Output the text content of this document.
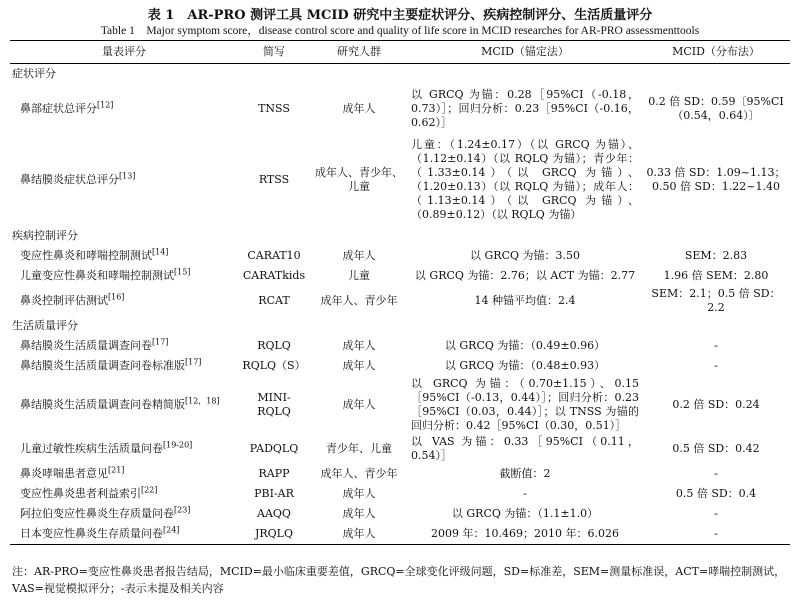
表 1　AR-PRO 测评工具 MCID 研究中主要症状评分、疾病控制评分、生活质量评分
Table 1　Major symptom score，disease control score and quality of life score in MCID researches for AR-PRO assessmenttools
量表评分	简写	研究人群	MCID（锚定法）	MCID（分布法）
症状评分				
鼻部症状总评分[12]	TNSS	成年人	以 GRCQ 为锚：0.28［95%CI（-0.18，0.73）］；回归分析：0.23［95%CI（-0.16，0.62）］	0.2 倍 SD：0.59〔95%CI（0.54，0.64）〕
鼻结膜炎症状总评分[13]	RTSS	成年人、青少年、儿童	儿童：（1.24±0.17）（以 GRCQ 为锚）、（1.12±0.14）（以 RQLQ 为锚）；青少年：（1.33±0.14）（以 GRCQ 为锚）、（1.20±0.13）（以 RQLQ 为锚）；成年人：（1.13±0.14）（以 GRCQ 为锚）、（0.89±0.12）（以 RQLQ 为锚）	0.33 倍 SD：1.09~1.13；0.50 倍 SD：1.22~1.40
疾病控制评分				
变应性鼻炎和哮喘控制测试[14]	CARAT10	成年人	以 GRCQ 为锚：3.50	SEM：2.83
儿童变应性鼻炎和哮喘控制测试[15]	CARATkids	儿童	以 GRCQ 为锚：2.76；以 ACT 为锚：2.77	1.96 倍 SEM：2.80
鼻炎控制评估测试[16]	RCAT	成年人、青少年	14 种锚平均值：2.4	SEM：2.1；0.5 倍 SD：2.2
生活质量评分				
鼻结膜炎生活质量调查问卷[17]	RQLQ	成年人	以 GRCQ 为锚：（0.49±0.96）	-
鼻结膜炎生活质量调查问卷标准版[17]	RQLQ（S）	成年人	以 GRCQ 为锚：（0.48±0.93）	-
鼻结膜炎生活质量调查问卷精简版[12，18]	MINI-RQLQ	成年人	以 GRCQ 为锚：（0.70±1.15）、0.15［95%CI（-0.13，0.44）］；回归分析：0.23［95%CI（0.03，0.44）］；以 TNSS 为锚的回归分析：0.42［95%CI（0.30，0.51）］	0.2 倍 SD：0.24
儿童过敏性疾病生活质量问卷[19-20]	PADQLQ	青少年、儿童	以 VAS 为锚：0.33［95%CI（0.11，0.54）］	0.5 倍 SD：0.42
鼻炎哮喘患者意见[21]	RAPP	成年人、青少年	截断值：2	-
变应性鼻炎患者利益索引[22]	PBI-AR	成年人	-	0.5 倍 SD：0.4
阿拉伯变应性鼻炎生存质量问卷[23]	AAQQ	成年人	以 GRCQ 为锚：（1.1±1.0）	-
日本变应性鼻炎生存质量问卷[24]	JRQLQ	成年人	2009 年：10.469；2010 年：6.026	-
注：AR-PRO=变应性鼻炎患者报告结局，MCID=最小临床重要差值，GRCQ=全球变化评级问题，SD=标准差，SEM=测量标准误，ACT=哮喘控制测试，VAS=视觉模拟评分；-表示未提及相关内容
